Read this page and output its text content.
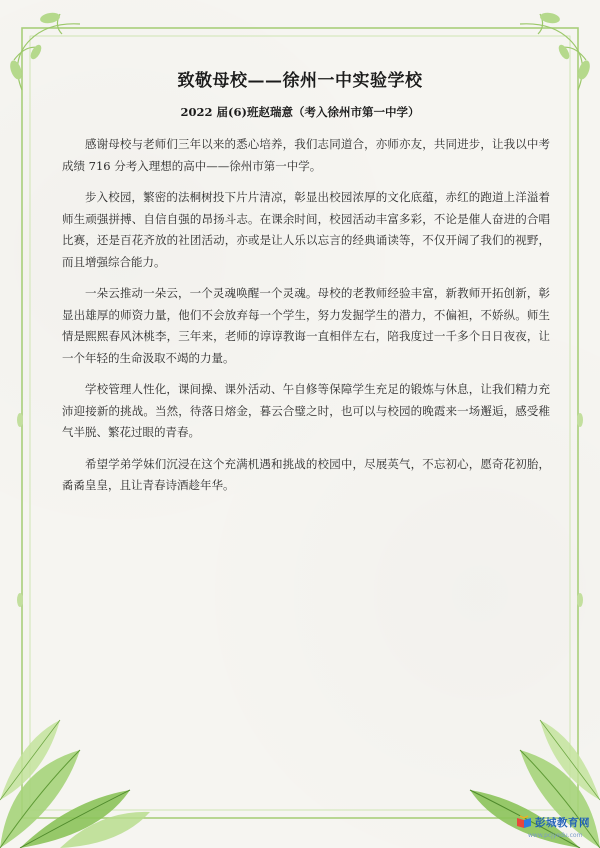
致敬母校——徐州一中实验学校
2022 届(6)班赵瑞意（考入徐州市第一中学）

感谢母校与老师们三年以来的悉心培养，我们志同道合，亦师亦友，共同进步，让我以中考成绩 716 分考入理想的高中——徐州市第一中学。

步入校园，繁密的法桐树投下片片清凉，彰显出校园浓厚的文化底蕴，赤红的跑道上洋溢着师生顽强拼搏、自信自强的昂扬斗志。在课余时间，校园活动丰富多彩，不论是催人奋进的合唱比赛，还是百花齐放的社团活动，亦或是让人乐以忘言的经典诵读等，不仅开阔了我们的视野，而且增强综合能力。

一朵云推动一朵云，一个灵魂唤醒一个灵魂。母校的老教师经验丰富，新教师开拓创新，彰显出雄厚的师资力量，他们不会放弃每一个学生，努力发掘学生的潜力，不偏袒，不娇纵。师生情是熙熙春风沐桃李，三年来，老师的谆谆教诲一直相伴左右，陪我度过一千多个日日夜夜，让一个年轻的生命汲取不竭的力量。

学校管理人性化，课间操、课外活动、午自修等保障学生充足的锻炼与休息，让我们精力充沛迎接新的挑战。当然，待落日熔金，暮云合璧之时，也可以与校园的晚霞来一场邂逅，感受稚气半脱、繁花过眼的青春。

希望学弟学妹们沉浸在这个充满机遇和挑战的校园中，尽展英气，不忘初心，愿奇花初胎，矞矞皇皇，且让青春诗酒趁年华。

彭城教育网
www.pcjyedu.com
